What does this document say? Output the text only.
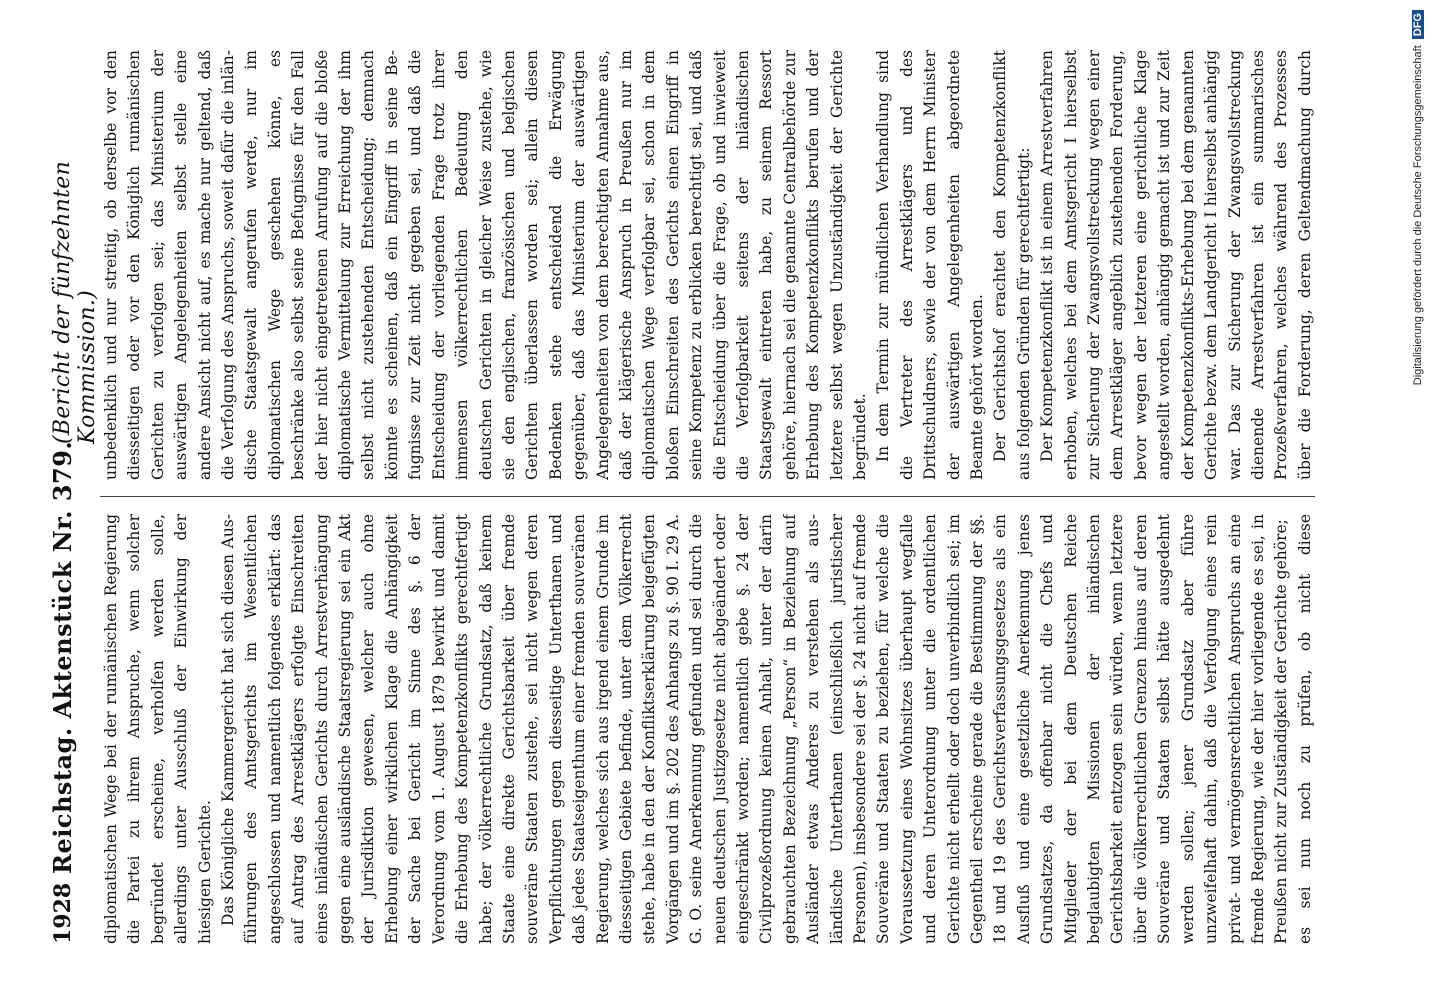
1928
Reichstag. Aktenstück Nr. 379.
(Bericht der fünfzehnten Kommission.)

diplomatischen Wege bei der rumänischen Regierung die Partei zu ihrem Anspruche, wenn solcher begründet erscheine, verholfen werden solle, allerdings unter Ausschluß der Einwirkung der hiesigen Gerichte. Das Königliche Kammergericht hat sich diesen Ausführungen des Amtsgerichts im Wesentlichen angeschlossen und namentlich folgendes erklärt: das auf Antrag des Arrestklägers erfolgte Einschreiten eines inländischen Gerichts durch Arrestverhängung gegen eine ausländische Staatsregierung sei ein Akt der Jurisdiktion gewesen, welcher auch ohne Erhebung einer wirklichen Klage die Anhängigkeit der Sache bei Gericht im Sinne des §. 6 der Verordnung vom 1. August 1879 bewirkt und damit die Erhebung des Kompetenzkonflikts gerechtfertigt habe; der völkerrechtliche Grundsatz, daß keinem Staate eine direkte Gerichtsbarkeit über fremde souveräne Staaten zustehe, sei nicht wegen deren Verpflichtungen gegen diesseitige Unterthanen und daß jedes Staatseigenthum einer fremden souveränen Regierung, welches sich aus irgend einem Grunde im diesseitigen Gebiete befinde, unter dem Völkerrecht stehe, habe in den der Konfliktserklärung beigefügten Vorgängen und im §. 202 des Anhangs zu §. 90 I. 29 A. G. O. seine Anerkennung gefunden und sei durch die neuen deutschen Justizgesetze nicht abgeändert oder eingeschränkt worden; namentlich gebe §. 24 der Civilprozeßordnung keinen Anhalt, unter der darin gebrauchten Bezeichnung „Person“ in Beziehung auf Ausländer etwas Anderes zu verstehen als ausländische Unterthanen (einschließlich juristischer Personen), insbesondere sei der §. 24 nicht auf fremde Souveräne und Staaten zu beziehen, für welche die Voraussetzung eines Wohnsitzes überhaupt wegfalle und deren Unterordnung unter die ordentlichen Gerichte nicht erhellt oder doch unverbindlich sei; im Gegentheil erscheine gerade die Bestimmung der §§. 18 und 19 des Gerichtsverfassungsgesetzes als ein Ausfluß und eine gesetzliche Anerkennung jenes Grundsatzes, da offenbar nicht die Chefs und Mitglieder der bei dem Deutschen Reiche beglaubigten Missionen der inländischen Gerichtsbarkeit entzogen sein würden, wenn letztere über die völkerrechtlichen Grenzen hinaus auf deren Souveräne und Staaten selbst hätte ausgedehnt werden sollen; jener Grundsatz aber führe unzweifelhaft dahin, daß die Verfolgung eines rein privat- und vermögensrechtlichen Anspruchs an eine fremde Regierung, wie der hier vorliegende es sei, in Preußen nicht zur Zuständigkeit der Gerichte gehöre; es sei nun noch zu prüfen, ob nicht diese

unbedenklich und nur streitig, ob derselbe vor den diesseitigen oder vor den Königlich rumänischen Gerichten zu verfolgen sei; das Ministerium der auswärtigen Angelegenheiten selbst stelle eine andere Ansicht nicht auf, es mache nur geltend, daß die Verfolgung des Anspruchs, soweit dafür die inländische Staatsgewalt angerufen werde, nur im diplomatischen Wege geschehen könne, es beschränke also selbst seine Befugnisse für den Fall der hier nicht eingetretenen Anrufung auf die bloße diplomatische Vermittelung zur Erreichung der ihm selbst nicht zustehenden Entscheidung; demnach könnte es scheinen, daß ein Eingriff in seine Befugnisse zur Zeit nicht gegeben sei, und daß die Entscheidung der vorliegenden Frage trotz ihrer immensen völkerrechtlichen Bedeutung den deutschen Gerichten in gleicher Weise zustehe, wie sie den englischen, französischen und belgischen Gerichten überlassen worden sei; allein diesen Bedenken stehe entscheidend die Erwägung gegenüber, daß das Ministerium der auswärtigen Angelegenheiten von dem berechtigten Annahme aus, daß der klägerische Anspruch in Preußen nur im diplomatischen Wege verfolgbar sei, schon in dem bloßen Einschreiten des Gerichts einen Eingriff in seine Kompetenz zu erblicken berechtigt sei, und daß die Entscheidung über die Frage, ob und inwieweit die Verfolgbarkeit seitens der inländischen Staatsgewalt eintreten habe, zu seinem Ressort gehöre, hiernach sei die genannte Centralbehörde zur Erhebung des Kompetenzkonflikts berufen und der letztere selbst wegen Unzuständigkeit der Gerichte begründet. In dem Termin zur mündlichen Verhandlung sind die Vertreter des Arrestklägers und des Drittschuldners, sowie der von dem Herrn Minister der auswärtigen Angelegenheiten abgeordnete Beamte gehört worden. Der Gerichtshof erachtet den Kompetenzkonflikt aus folgenden Gründen für gerechtfertigt: Der Kompetenzkonflikt ist in einem Arrestverfahren erhoben, welches bei dem Amtsgericht I hierselbst zur Sicherung der Zwangsvollstreckung wegen einer dem Arrestkläger angeblich zustehenden Forderung, bevor wegen der letzteren eine gerichtliche Klage angestellt worden, anhängig gemacht ist und zur Zeit der Kompetenzkonflikts-Erhebung bei dem genannten Gerichte bezw. dem Landgericht I hierselbst anhängig war. Das zur Sicherung der Zwangsvollstreckung dienende Arrestverfahren ist ein summarisches Prozeßverfahren, welches während des Prozesses über die Forderung, deren Geltendmachung durch	Digitalisierung gefördert durch die Deutsche ForschungsgemeinschaftDFG
